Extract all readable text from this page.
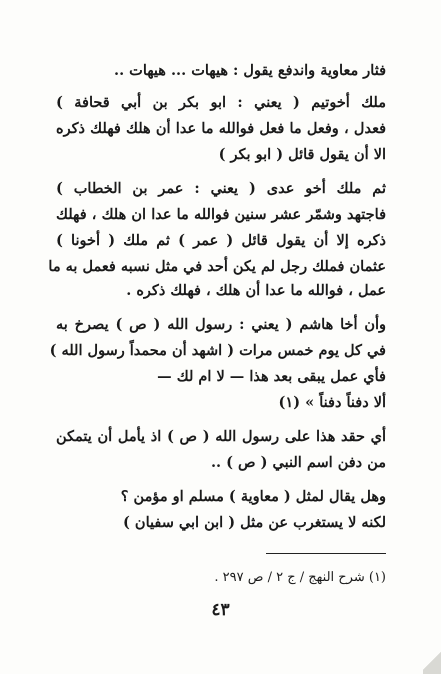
فثار معاوية واندفع يقول : هيهات ... هيهات ..
ملك أخوتيم ( يعني : ابو بكر بن أبي قحافة )
فعدل ، وفعل ما فعل فوالله ما عدا أن هلك فهلك ذكره
الا أن يقول قائل ( ابو بكر )
ثم ملك أخو عدى ( يعني : عمر بن الخطاب )
فاجتهد وشمّر عشر سنين فوالله ما عدا ان هلك ، فهلك
ذكره إلا أن يقول قائل ( عمر ) ثم ملك ( أخونا )
عثمان فملك رجل لم يكن أحد في مثل نسبه فعمل به ما
عمل ، فوالله ما عدا أن هلك ، فهلك ذكره .
وأن أخا هاشم ( يعني : رسول الله ( ص ) يصرخ به
في كل يوم خمس مرات ( اشهد أن محمداً رسول الله )
فأي عمل يبقى بعد هذا — لا ام لك —
ألا دفناً دفناً » (١)
أي حقد هذا على رسول الله ( ص ) اذ يأمل أن يتمكن
من دفن اسم النبي ( ص ) ..
وهل يقال لمثل ( معاوية ) مسلم او مؤمن ؟
لكنه لا يستغرب عن مثل ( ابن ابي سفيان )
(١) شرح النهج / ج ٢ / ص ٢٩٧ .
٤٣
